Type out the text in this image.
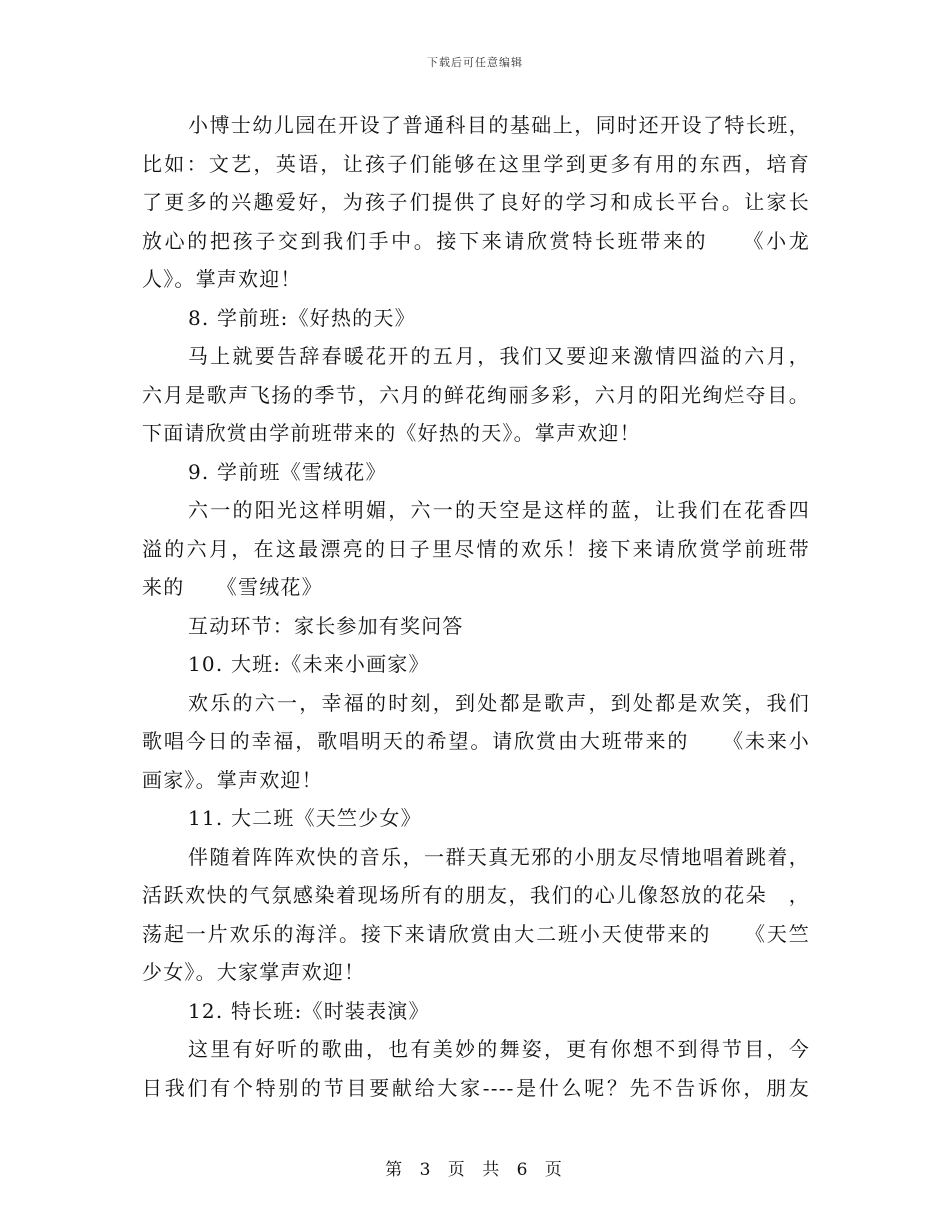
下载后可任意编辑
小博士幼儿园在开设了普通科目的基础上，同时还开设了特长班，
比如：文艺，英语，让孩子们能够在这里学到更多有用的东西，培育
了更多的兴趣爱好，为孩子们提供了良好的学习和成长平台。让家长
放心的把孩子交到我们手中。接下来请欣赏特长班带来的　　《小龙
人》。掌声欢迎！
8. 学前班:《好热的天》
马上就要告辞春暖花开的五月，我们又要迎来激情四溢的六月，
六月是歌声飞扬的季节，六月的鲜花绚丽多彩，六月的阳光绚烂夺目。
下面请欣赏由学前班带来的《好热的天》。掌声欢迎！
9. 学前班《雪绒花》
六一的阳光这样明媚，六一的天空是这样的蓝，让我们在花香四
溢的六月，在这最漂亮的日子里尽情的欢乐！接下来请欣赏学前班带
来的　　《雪绒花》
互动环节：家长参加有奖问答
10. 大班:《未来小画家》
欢乐的六一，幸福的时刻，到处都是歌声，到处都是欢笑，我们
歌唱今日的幸福，歌唱明天的希望。请欣赏由大班带来的　　《未来小
画家》。掌声欢迎！
11. 大二班《天竺少女》
伴随着阵阵欢快的音乐，一群天真无邪的小朋友尽情地唱着跳着，
活跃欢快的气氛感染着现场所有的朋友，我们的心儿像怒放的花朵　，
荡起一片欢乐的海洋。接下来请欣赏由大二班小天使带来的　　《天竺
少女》。大家掌声欢迎！
12. 特长班:《时装表演》
这里有好听的歌曲，也有美妙的舞姿，更有你想不到得节目，今
日我们有个特别的节目要献给大家----是什么呢？先不告诉你，朋友
第 3 页 共 6 页
